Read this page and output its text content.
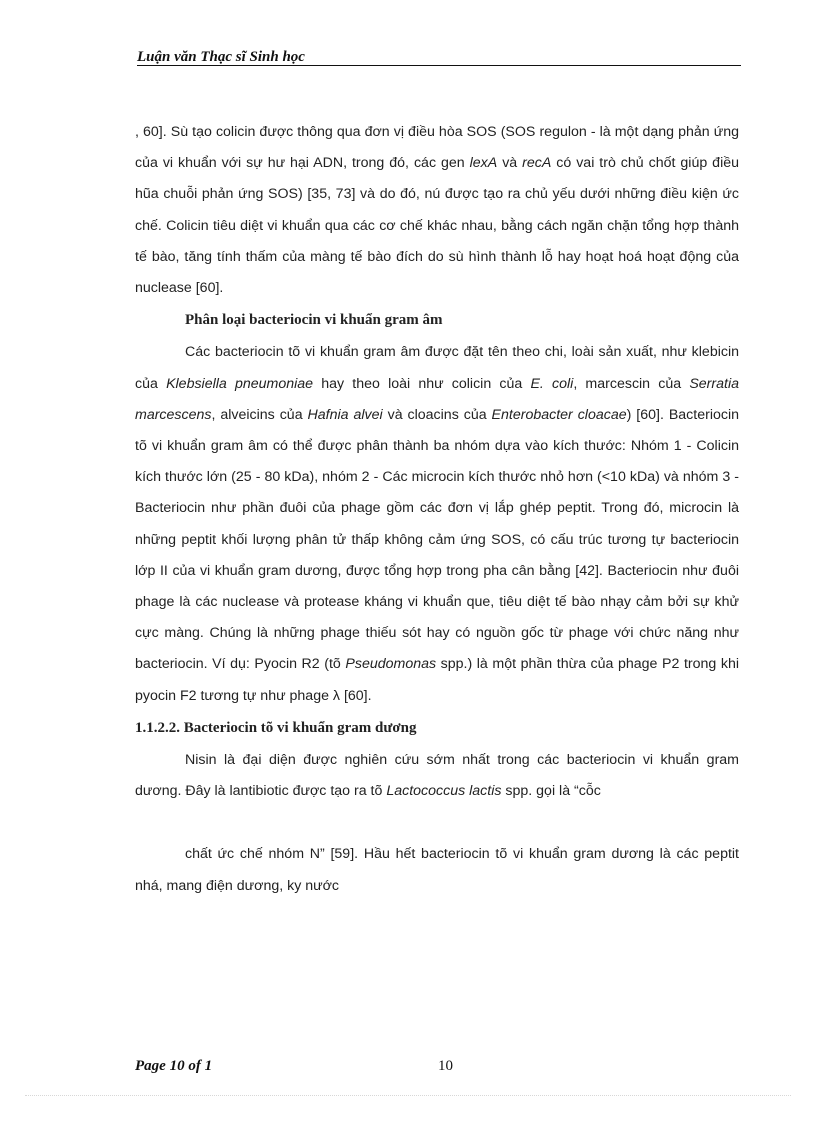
Luận văn Thạc sĩ Sinh học

, 60]. Sù tạo colicin được thông qua đơn vị điều hòa SOS (SOS regulon - là một dạng phản ứng của vi khuẩn với sự hư hại ADN, trong đó, các gen lexA và recA có vai trò chủ chốt giúp điều hũa chuỗi phản ứng SOS) [35, 73] và do đó, nú được tạo ra chủ yếu dưới những điều kiện ức chế. Colicin tiêu diệt vi khuẩn qua các cơ chế khác nhau, bằng cách ngăn chặn tổng hợp thành tế bào, tăng tính thấm của màng tế bào đích do sù hình thành lỗ hay hoạt hoá hoạt động của nuclease [60].

Phân loại bacteriocin vi khuẩn gram âm

Các bacteriocin tõ vi khuẩn gram âm được đặt tên theo chi, loài sản xuất, như klebicin của Klebsiella pneumoniae hay theo loài như colicin của E. coli, marcescin của Serratia marcescens, alveicins của Hafnia alvei và cloacins của Enterobacter cloacae) [60]. Bacteriocin tõ vi khuẩn gram âm có thể được phân thành ba nhóm dựa vào kích thước: Nhóm 1 - Colicin kích thước lớn (25 - 80 kDa), nhóm 2 - Các microcin kích thước nhỏ hơn (<10 kDa) và nhóm 3 - Bacteriocin như phần đuôi của phage gồm các đơn vị lắp ghép peptit. Trong đó, microcin là những peptit khối lượng phân tử thấp không cảm ứng SOS, có cấu trúc tương tự bacteriocin lớp II của vi khuẩn gram dương, được tổng hợp trong pha cân bằng [42]. Bacteriocin như đuôi phage là các nuclease và protease kháng vi khuẩn que, tiêu diệt tế bào nhạy cảm bởi sự khử cực màng. Chúng là những phage thiếu sót hay có nguồn gốc từ phage với chức năng như bacteriocin. Ví dụ: Pyocin R2 (tõ Pseudomonas spp.) là một phần thừa của phage P2 trong khi pyocin F2 tương tự như phage λ [60].

1.1.2.2. Bacteriocin tõ vi khuẩn gram dương

Nisin là đại diện được nghiên cứu sớm nhất trong các bacteriocin vi khuẩn gram dương. Đây là lantibiotic được tạo ra tõ Lactococcus lactis spp. gọi là “cỗc

chất ức chế nhóm N” [59]. Hầu hết bacteriocin tõ vi khuẩn gram dương là các peptit nhá, mang điện dương, ky nước

Page 10 of 1	10
